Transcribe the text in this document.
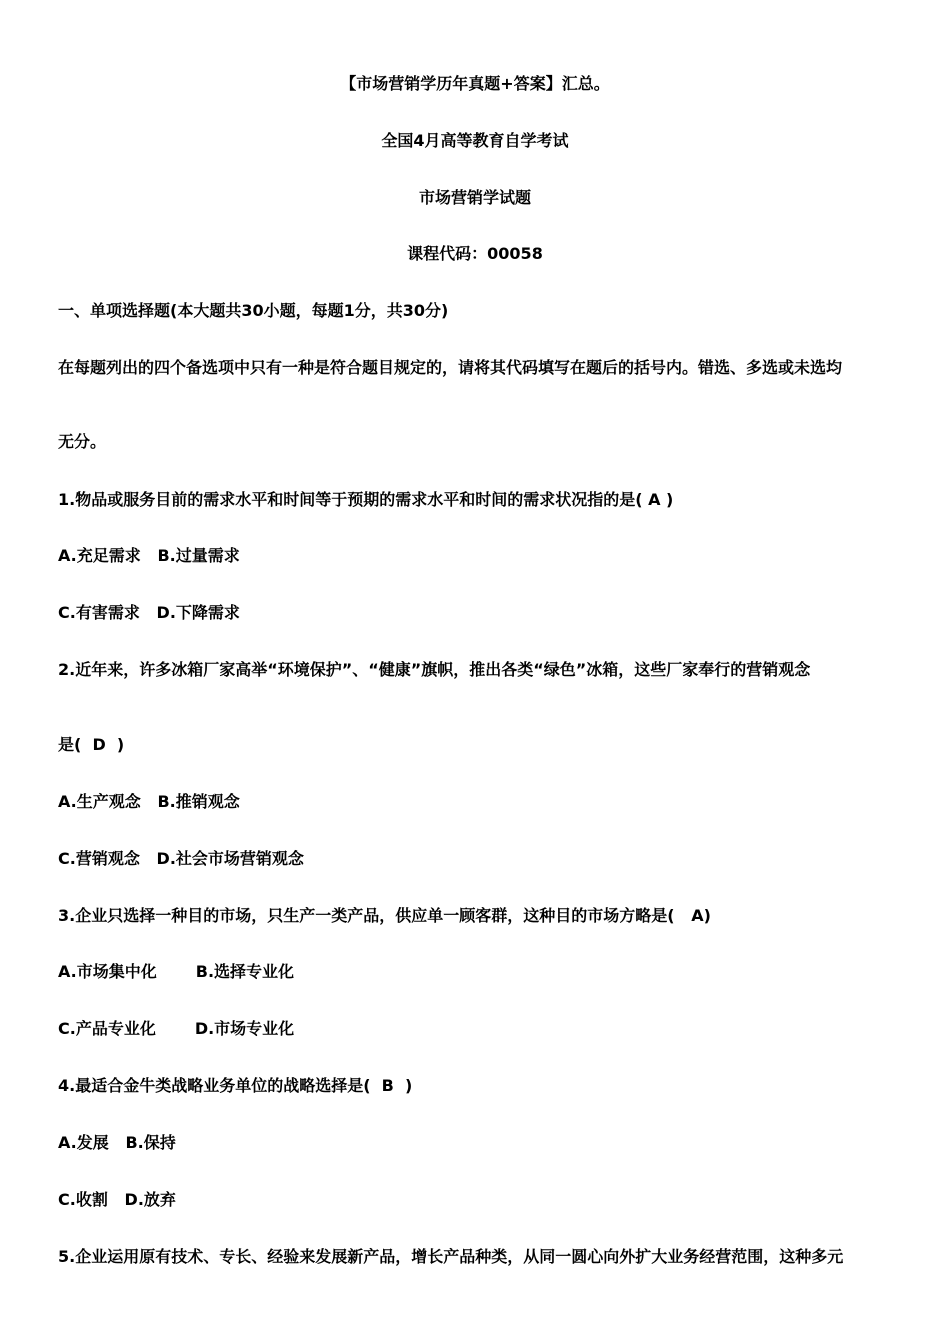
【市场营销学历年真题+答案】汇总。
全国4月高等教育自学考试
市场营销学试题
课程代码：00058
一、单项选择题(本大题共30小题，每题1分，共30分)
在每题列出的四个备选项中只有一种是符合题目规定的，请将其代码填写在题后的括号内。错选、多选或未选均
无分。
1.物品或服务目前的需求水平和时间等于预期的需求水平和时间的需求状况指的是( A )
A.充足需求   B.过量需求
C.有害需求   D.下降需求
2.近年来，许多冰箱厂家高举“环境保护”、“健康”旗帜，推出各类“绿色”冰箱，这些厂家奉行的营销观念
是(  D  )
A.生产观念   B.推销观念
C.营销观念   D.社会市场营销观念
3.企业只选择一种目的市场，只生产一类产品，供应单一顾客群，这种目的市场方略是(   A)
A.市场集中化       B.选择专业化
C.产品专业化       D.市场专业化
4.最适合金牛类战略业务单位的战略选择是(  B  )
A.发展   B.保持
C.收割   D.放弃
5.企业运用原有技术、专长、经验来发展新产品，增长产品种类，从同一圆心向外扩大业务经营范围，这种多元
